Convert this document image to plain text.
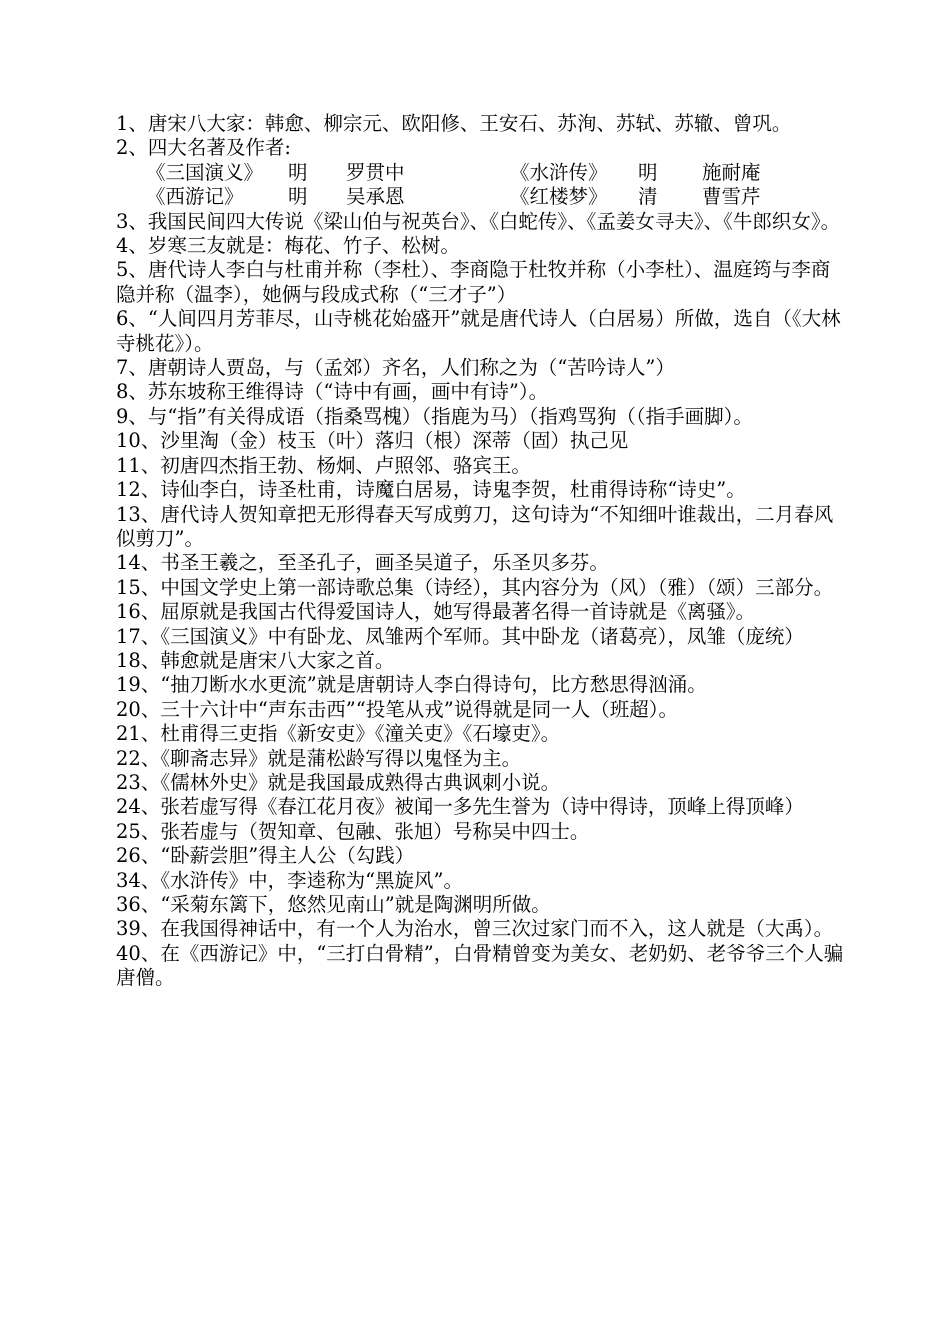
1、唐宋八大家：韩愈、柳宗元、欧阳修、王安石、苏洵、苏轼、苏辙、曾巩。

2、四大名著及作者:

《三国演义》	明	罗贯中	《水浒传》	明	施耐庵
《西游记》	明	吴承恩	《红楼梦》	清	曹雪芹

3、我国民间四大传说《梁山伯与祝英台》、《白蛇传》、《孟姜女寻夫》、《牛郎织女》。

4、岁寒三友就是：梅花、竹子、松树。

5、唐代诗人李白与杜甫并称（李杜）、李商隐于杜牧并称（小李杜）、温庭筠与李商隐并称（温李），她俩与段成式称（“三才子”）

6、“人间四月芳菲尽，山寺桃花始盛开”就是唐代诗人（白居易）所做，选自（《大林寺桃花》）。

7、唐朝诗人贾岛，与（孟郊）齐名，人们称之为（“苦吟诗人”）

8、苏东坡称王维得诗（“诗中有画，画中有诗”）。

9、与“指”有关得成语（指桑骂槐）（指鹿为马）（指鸡骂狗（（指手画脚）。

10、沙里淘（金）枝玉（叶）落归（根）深蒂（固）执己见

11、初唐四杰指王勃、杨炯、卢照邻、骆宾王。

12、诗仙李白，诗圣杜甫，诗魔白居易，诗鬼李贺，杜甫得诗称“诗史”。

13、唐代诗人贺知章把无形得春天写成剪刀，这句诗为“不知细叶谁裁出，二月春风似剪刀”。

14、书圣王羲之，至圣孔子，画圣吴道子，乐圣贝多芬。

15、中国文学史上第一部诗歌总集（诗经），其内容分为（风）（雅）（颂）三部分。

16、屈原就是我国古代得爱国诗人，她写得最著名得一首诗就是《离骚》。

17、《三国演义》中有卧龙、凤雏两个军师。其中卧龙（诸葛亮），凤雏（庞统）

18、韩愈就是唐宋八大家之首。

19、“抽刀断水水更流”就是唐朝诗人李白得诗句，比方愁思得汹涌。

20、三十六计中“声东击西”“投笔从戎”说得就是同一人（班超）。

21、杜甫得三吏指《新安吏》《潼关吏》《石壕吏》。

22、《聊斋志异》就是蒲松龄写得以鬼怪为主。

23、《儒林外史》就是我国最成熟得古典讽刺小说。

24、张若虚写得《春江花月夜》被闻一多先生誉为（诗中得诗，顶峰上得顶峰）

25、张若虚与（贺知章、包融、张旭）号称吴中四士。

26、“卧薪尝胆”得主人公（勾践）

34、《水浒传》中，李逵称为“黑旋风”。

36、“采菊东篱下，悠然见南山”就是陶渊明所做。

39、在我国得神话中，有一个人为治水，曾三次过家门而不入，这人就是（大禹）。

40、在《西游记》中，“三打白骨精”，白骨精曾变为美女、老奶奶、老爷爷三个人骗唐僧。
